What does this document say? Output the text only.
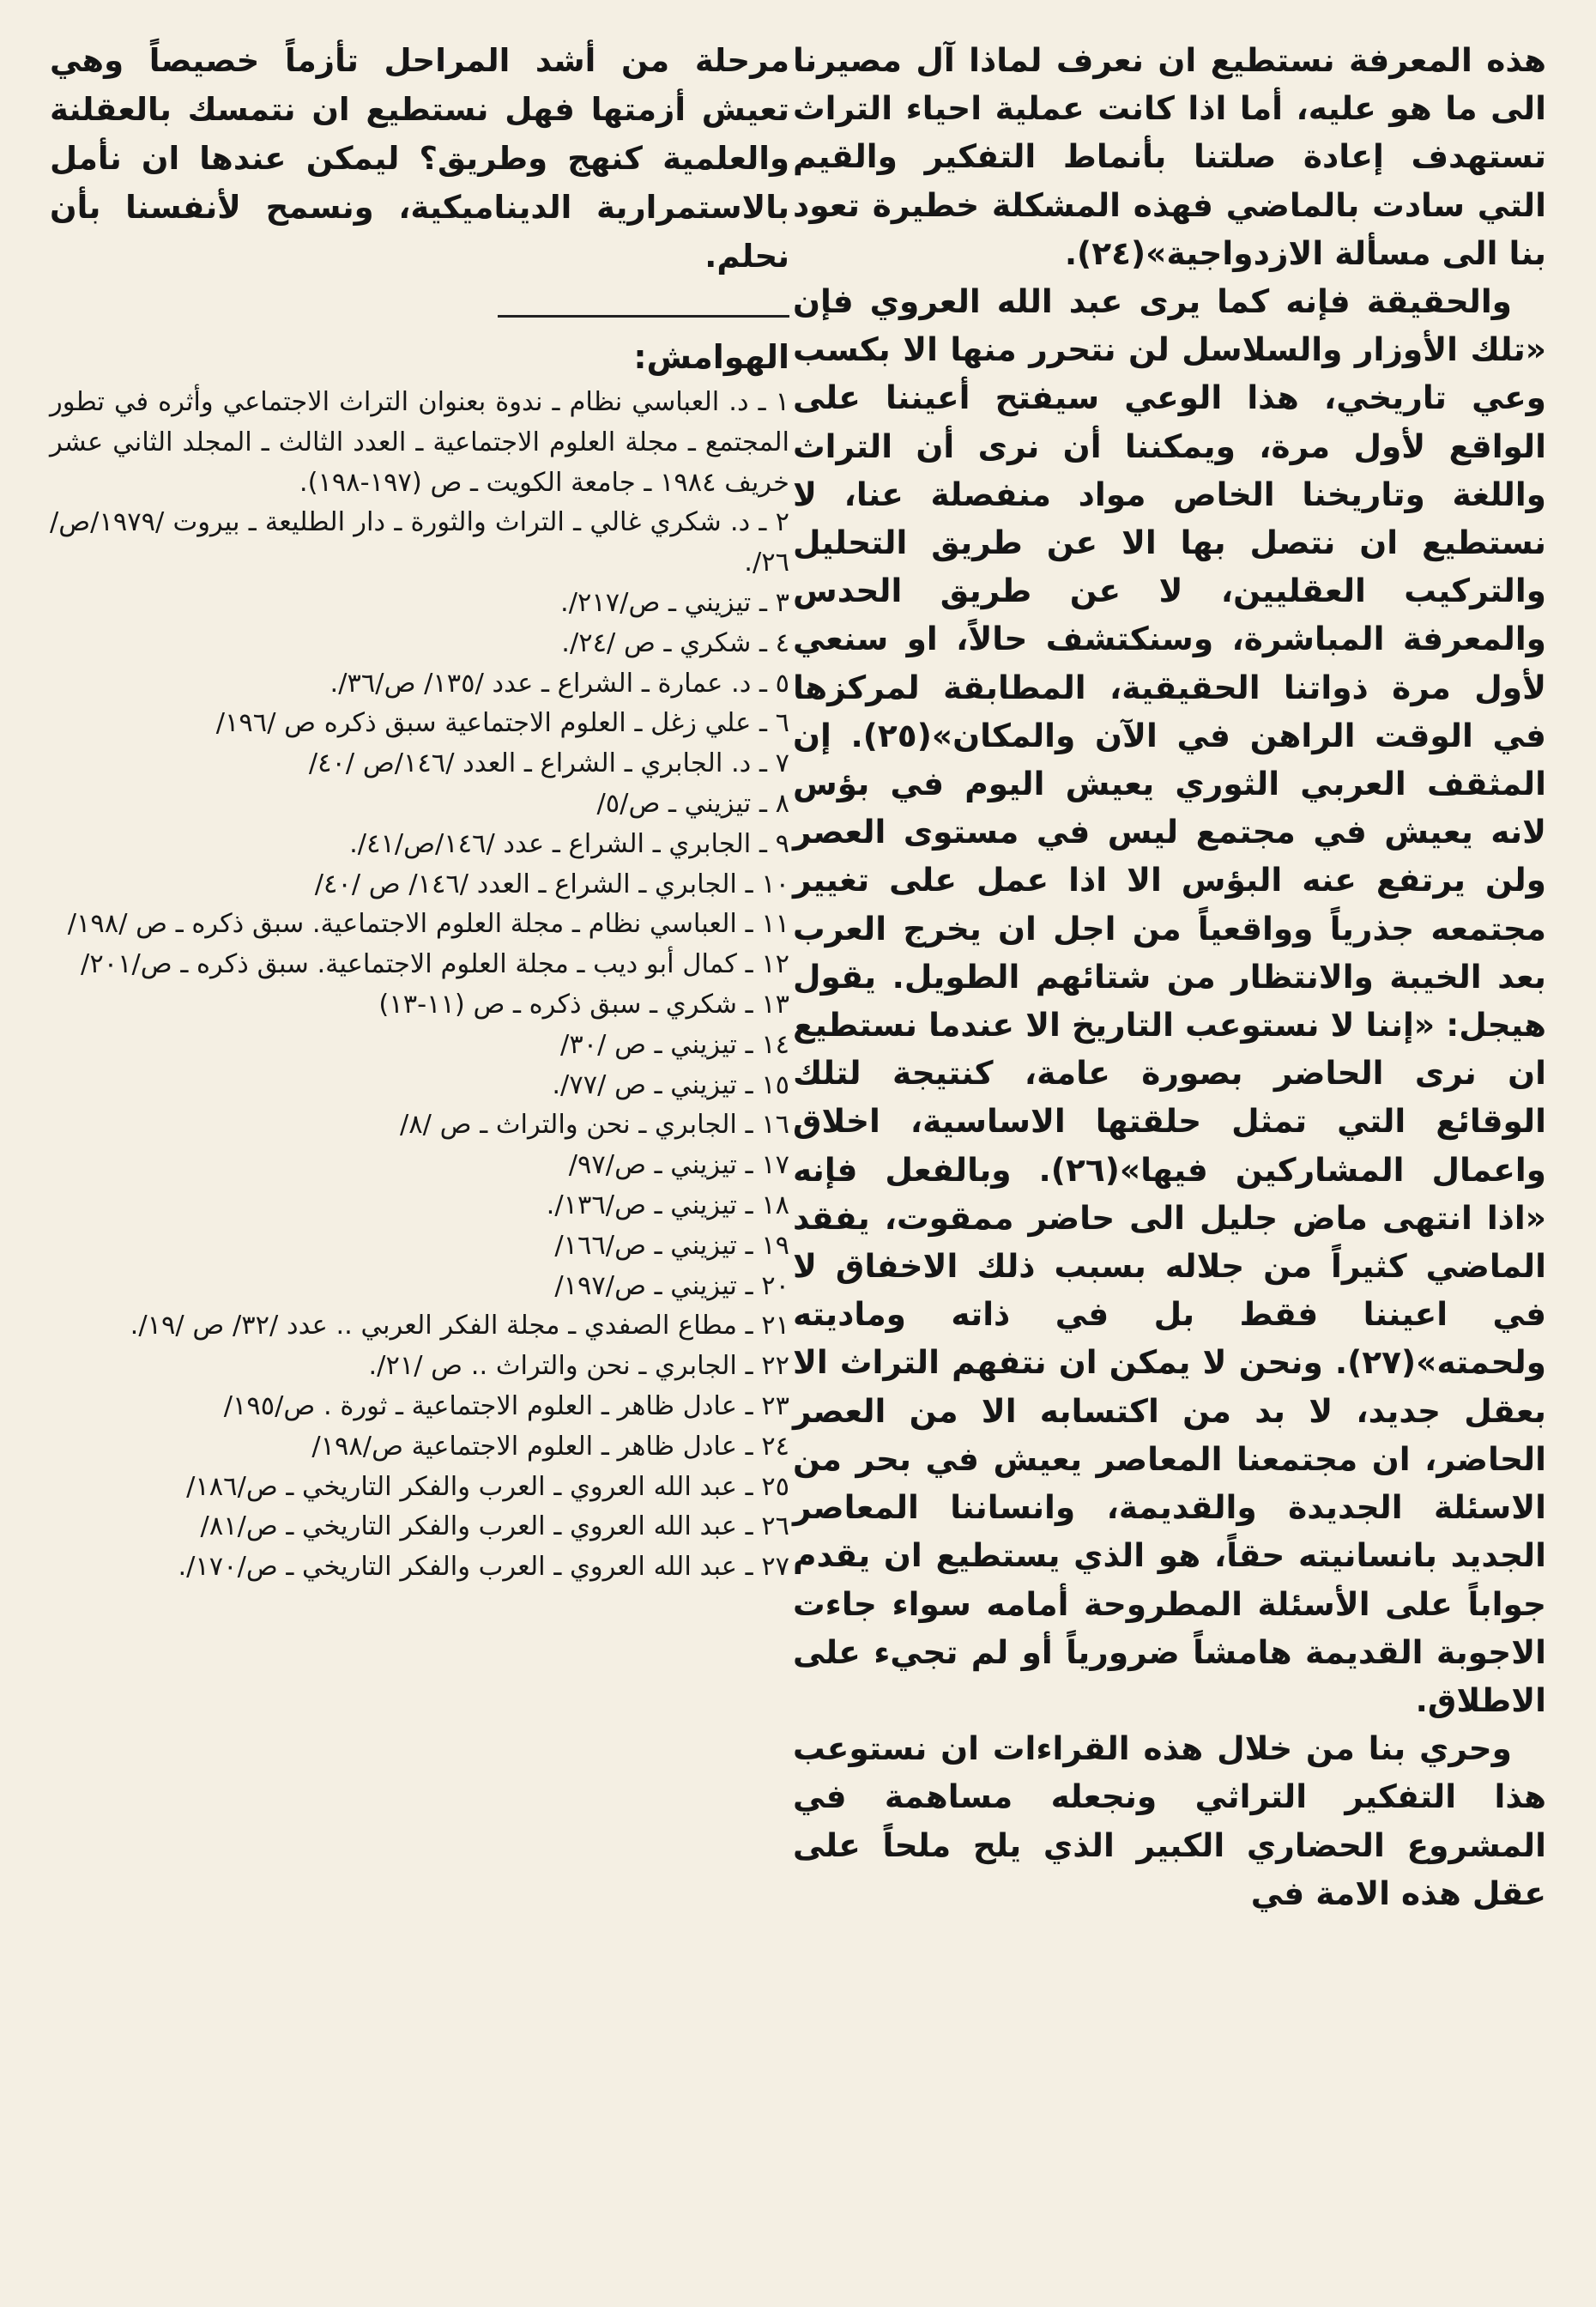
هذه المعرفة نستطيع ان نعرف لماذا آل مصيرنا الى ما هو عليه، أما اذا كانت عملية احياء التراث تستهدف إعادة صلتنا بأنماط التفكير والقيم التي سادت بالماضي فهذه المشكلة خطيرة تعود بنا الى مسألة الازدواجية»(٢٤).

والحقيقة فإنه كما يرى عبد الله العروي فإن «تلك الأوزار والسلاسل لن نتحرر منها الا بكسب وعي تاريخي، هذا الوعي سيفتح أعيننا على الواقع لأول مرة، ويمكننا أن نرى أن التراث واللغة وتاريخنا الخاص مواد منفصلة عنا، لا نستطيع ان نتصل بها الا عن طريق التحليل والتركيب العقليين، لا عن طريق الحدس والمعرفة المباشرة، وسنكتشف حالاً، او سنعي لأول مرة ذواتنا الحقيقية، المطابقة لمركزها في الوقت الراهن في الآن والمكان»(٢٥). إن المثقف العربي الثوري يعيش اليوم في بؤس لانه يعيش في مجتمع ليس في مستوى العصر ولن يرتفع عنه البؤس الا اذا عمل على تغيير مجتمعه جذرياً وواقعياً من اجل ان يخرج العرب بعد الخيبة والانتظار من شتائهم الطويل. يقول هيجل: «إننا لا نستوعب التاريخ الا عندما نستطيع ان نرى الحاضر بصورة عامة، كنتيجة لتلك الوقائع التي تمثل حلقتها الاساسية، اخلاق واعمال المشاركين فيها»(٢٦). وبالفعل فإنه «اذا انتهى ماض جليل الى حاضر ممقوت، يفقد الماضي كثيراً من جلاله بسبب ذلك الاخفاق لا في اعيننا فقط بل في ذاته وماديته ولحمته»(٢٧). ونحن لا يمكن ان نتفهم التراث الا بعقل جديد، لا بد من اكتسابه الا من العصر الحاضر، ان مجتمعنا المعاصر يعيش في بحر من الاسئلة الجديدة والقديمة، وانساننا المعاصر الجديد بانسانيته حقاً، هو الذي يستطيع ان يقدم جواباً على الأسئلة المطروحة أمامه سواء جاءت الاجوبة القديمة هامشاً ضرورياً أو لم تجيء على الاطلاق.

وحري بنا من خلال هذه القراءات ان نستوعب هذا التفكير التراثي ونجعله مساهمة في المشروع الحضاري الكبير الذي يلح ملحاً على عقل هذه الامة في

مرحلة من أشد المراحل تأزماً خصيصاً وهي تعيش أزمتها فهل نستطيع ان نتمسك بالعقلنة والعلمية كنهج وطريق؟ ليمكن عندها ان نأمل بالاستمرارية الديناميكية، ونسمح لأنفسنا بأن نحلم.

الهوامش:

١ ـ د. العباسي نظام ـ ندوة بعنوان التراث الاجتماعي وأثره في تطور المجتمع ـ مجلة العلوم الاجتماعية ـ العدد الثالث ـ المجلد الثاني عشر خريف ١٩٨٤ ـ جامعة الكويت ـ ص (١٩٧-١٩٨).

٢ ـ د. شكري غالي ـ التراث والثورة ـ دار الطليعة ـ بيروت /١٩٧٩/ص/٢٦/.

٣ ـ تيزيني ـ ص/٢١٧/.

٤ ـ شكري ـ ص /٢٤/.

٥ ـ د. عمارة ـ الشراع ـ عدد /١٣٥/ ص/٣٦/.

٦ ـ علي زغل ـ العلوم الاجتماعية سبق ذكره ص /١٩٦/

٧ ـ د. الجابري ـ الشراع ـ العدد /١٤٦/ص /٤٠/

٨ ـ تيزيني ـ ص/٥/

٩ ـ الجابري ـ الشراع ـ عدد /١٤٦/ص/٤١/.

١٠ ـ الجابري ـ الشراع ـ العدد /١٤٦/ ص /٤٠/

١١ ـ العباسي نظام ـ مجلة العلوم الاجتماعية. سبق ذكره ـ ص /١٩٨/

١٢ ـ كمال أبو ديب ـ مجلة العلوم الاجتماعية. سبق ذكره ـ ص/٢٠١/

١٣ ـ شكري ـ سبق ذكره ـ ص (١١-١٣)

١٤ ـ تيزيني ـ ص /٣٠/

١٥ ـ تيزيني ـ ص /٧٧/.

١٦ ـ الجابري ـ نحن والتراث ـ ص /٨/

١٧ ـ تيزيني ـ ص/٩٧/

١٨ ـ تيزيني ـ ص/١٣٦/.

١٩ ـ تيزيني ـ ص/١٦٦/

٢٠ ـ تيزيني ـ ص/١٩٧/

٢١ ـ مطاع الصفدي ـ مجلة الفكر العربي .. عدد /٣٢/ ص /١٩/.

٢٢ ـ الجابري ـ نحن والتراث .. ص /٢١/.

٢٣ ـ عادل ظاهر ـ العلوم الاجتماعية ـ ثورة . ص/١٩٥/

٢٤ ـ عادل ظاهر ـ العلوم الاجتماعية ص/١٩٨/

٢٥ ـ عبد الله العروي ـ العرب والفكر التاريخي ـ ص/١٨٦/

٢٦ ـ عبد الله العروي ـ العرب والفكر التاريخي ـ ص/٨١/

٢٧ ـ عبد الله العروي ـ العرب والفكر التاريخي ـ ص/١٧٠/.
